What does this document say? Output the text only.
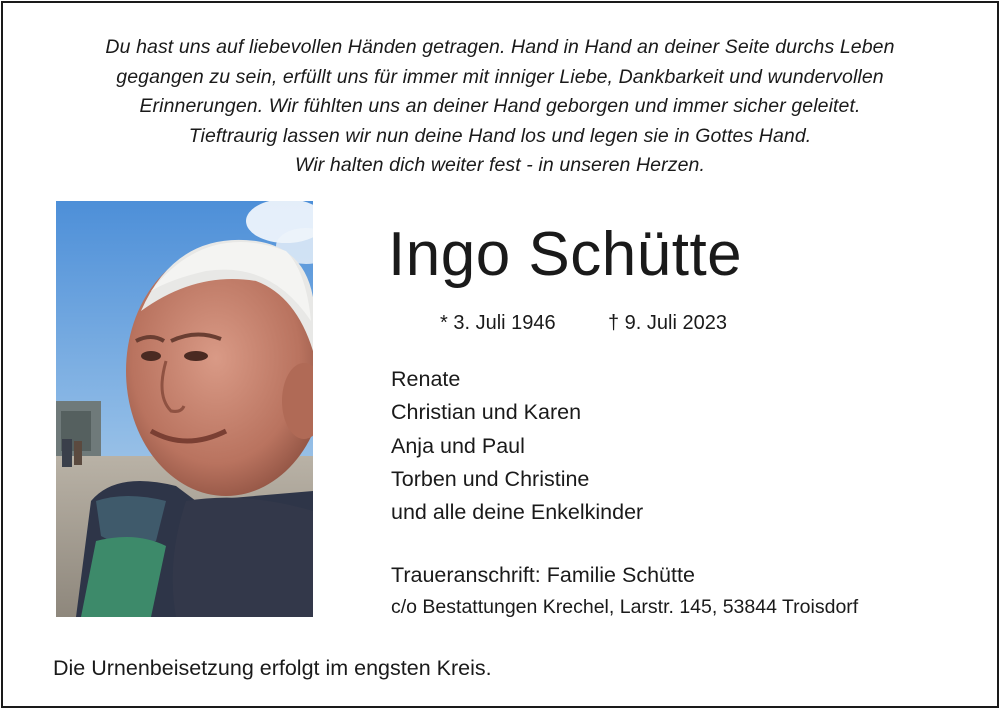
Du hast uns auf liebevollen Händen getragen. Hand in Hand an deiner Seite durchs Leben
gegangen zu sein, erfüllt uns für immer mit inniger Liebe, Dankbarkeit und wundervollen
Erinnerungen. Wir fühlten uns an deiner Hand geborgen und immer sicher geleitet.
Tieftraurig lassen wir nun deine Hand los und legen sie in Gottes Hand.
Wir halten dich weiter fest - in unseren Herzen.
Ingo Schütte
* 3. Juli 1946	† 9. Juli 2023
Renate
Christian und Karen
Anja und Paul
Torben und Christine
und alle deine Enkelkinder
Traueranschrift: Familie Schütte
c/o Bestattungen Krechel, Larstr. 145, 53844 Troisdorf
Die Urnenbeisetzung erfolgt im engsten Kreis.
